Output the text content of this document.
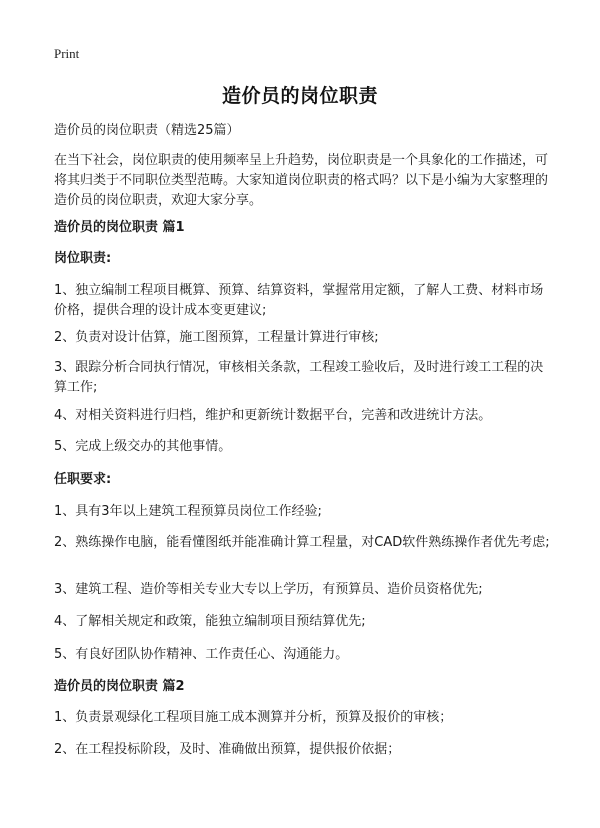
Print
造价员的岗位职责
造价员的岗位职责（精选25篇）
在当下社会，岗位职责的使用频率呈上升趋势，岗位职责是一个具象化的工作描述，可将其归类于不同职位类型范畴。大家知道岗位职责的格式吗？以下是小编为大家整理的造价员的岗位职责，欢迎大家分享。
造价员的岗位职责 篇1
岗位职责:
1、独立编制工程项目概算、预算、结算资料，掌握常用定额，了解人工费、材料市场价格，提供合理的设计成本变更建议;
2、负责对设计估算，施工图预算，工程量计算进行审核;
3、跟踪分析合同执行情况，审核相关条款，工程竣工验收后，及时进行竣工工程的决算工作;
4、对相关资料进行归档，维护和更新统计数据平台，完善和改进统计方法。
5、完成上级交办的其他事情。
任职要求:
1、具有3年以上建筑工程预算员岗位工作经验;
2、熟练操作电脑，能看懂图纸并能准确计算工程量，对CAD软件熟练操作者优先考虑;
3、建筑工程、造价等相关专业大专以上学历，有预算员、造价员资格优先;
4、了解相关规定和政策，能独立编制项目预结算优先;
5、有良好团队协作精神、工作责任心、沟通能力。
造价员的岗位职责 篇2
1、负责景观绿化工程项目施工成本测算并分析，预算及报价的审核；
2、在工程投标阶段，及时、准确做出预算，提供报价依据；
